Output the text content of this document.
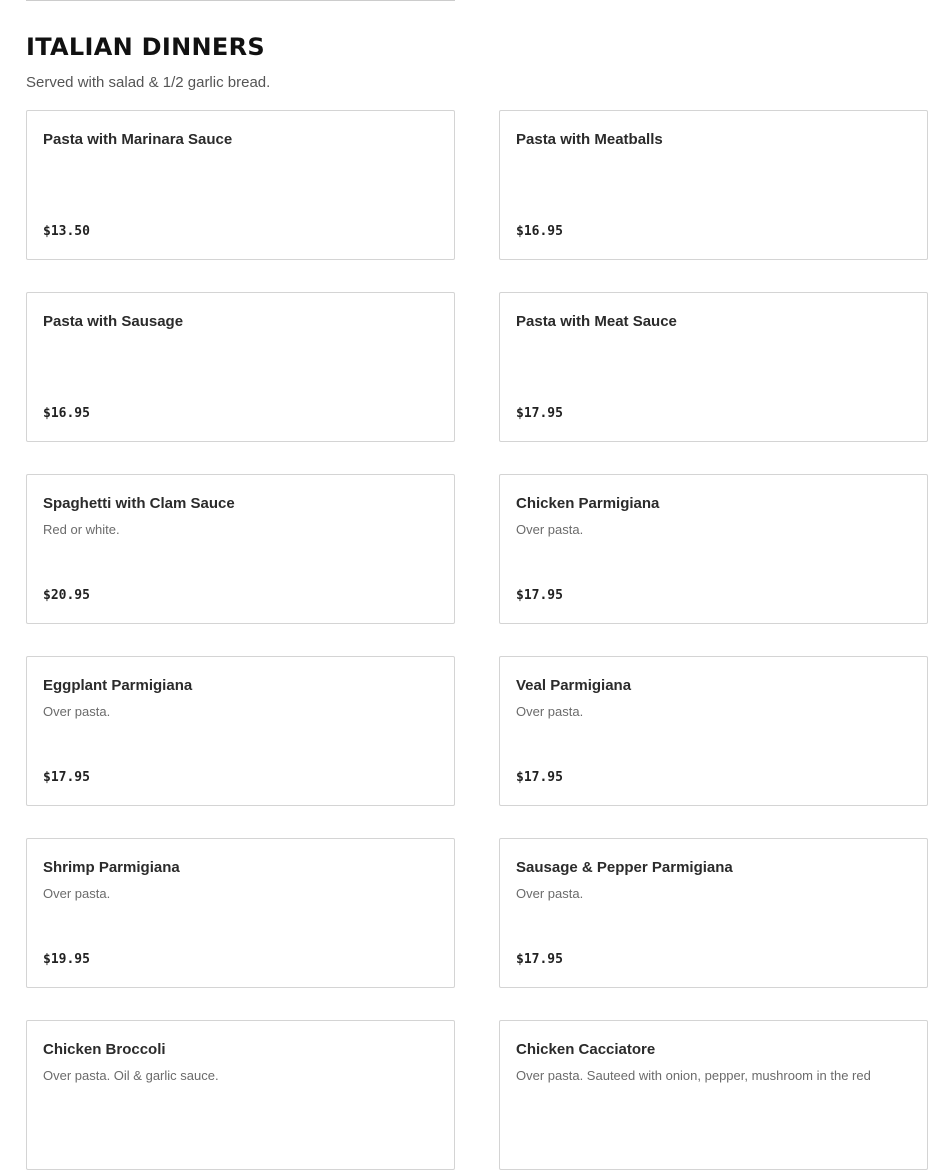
ITALIAN DINNERS
Served with salad & 1/2 garlic bread.
Pasta with Marinara Sauce
$13.50
Pasta with Meatballs
$16.95
Pasta with Sausage
$16.95
Pasta with Meat Sauce
$17.95
Spaghetti with Clam Sauce
Red or white.
$20.95
Chicken Parmigiana
Over pasta.
$17.95
Eggplant Parmigiana
Over pasta.
$17.95
Veal Parmigiana
Over pasta.
$17.95
Shrimp Parmigiana
Over pasta.
$19.95
Sausage & Pepper Parmigiana
Over pasta.
$17.95
Chicken Broccoli
Over pasta. Oil & garlic sauce.
Chicken Cacciatore
Over pasta. Sauteed with onion, pepper, mushroom in the red
